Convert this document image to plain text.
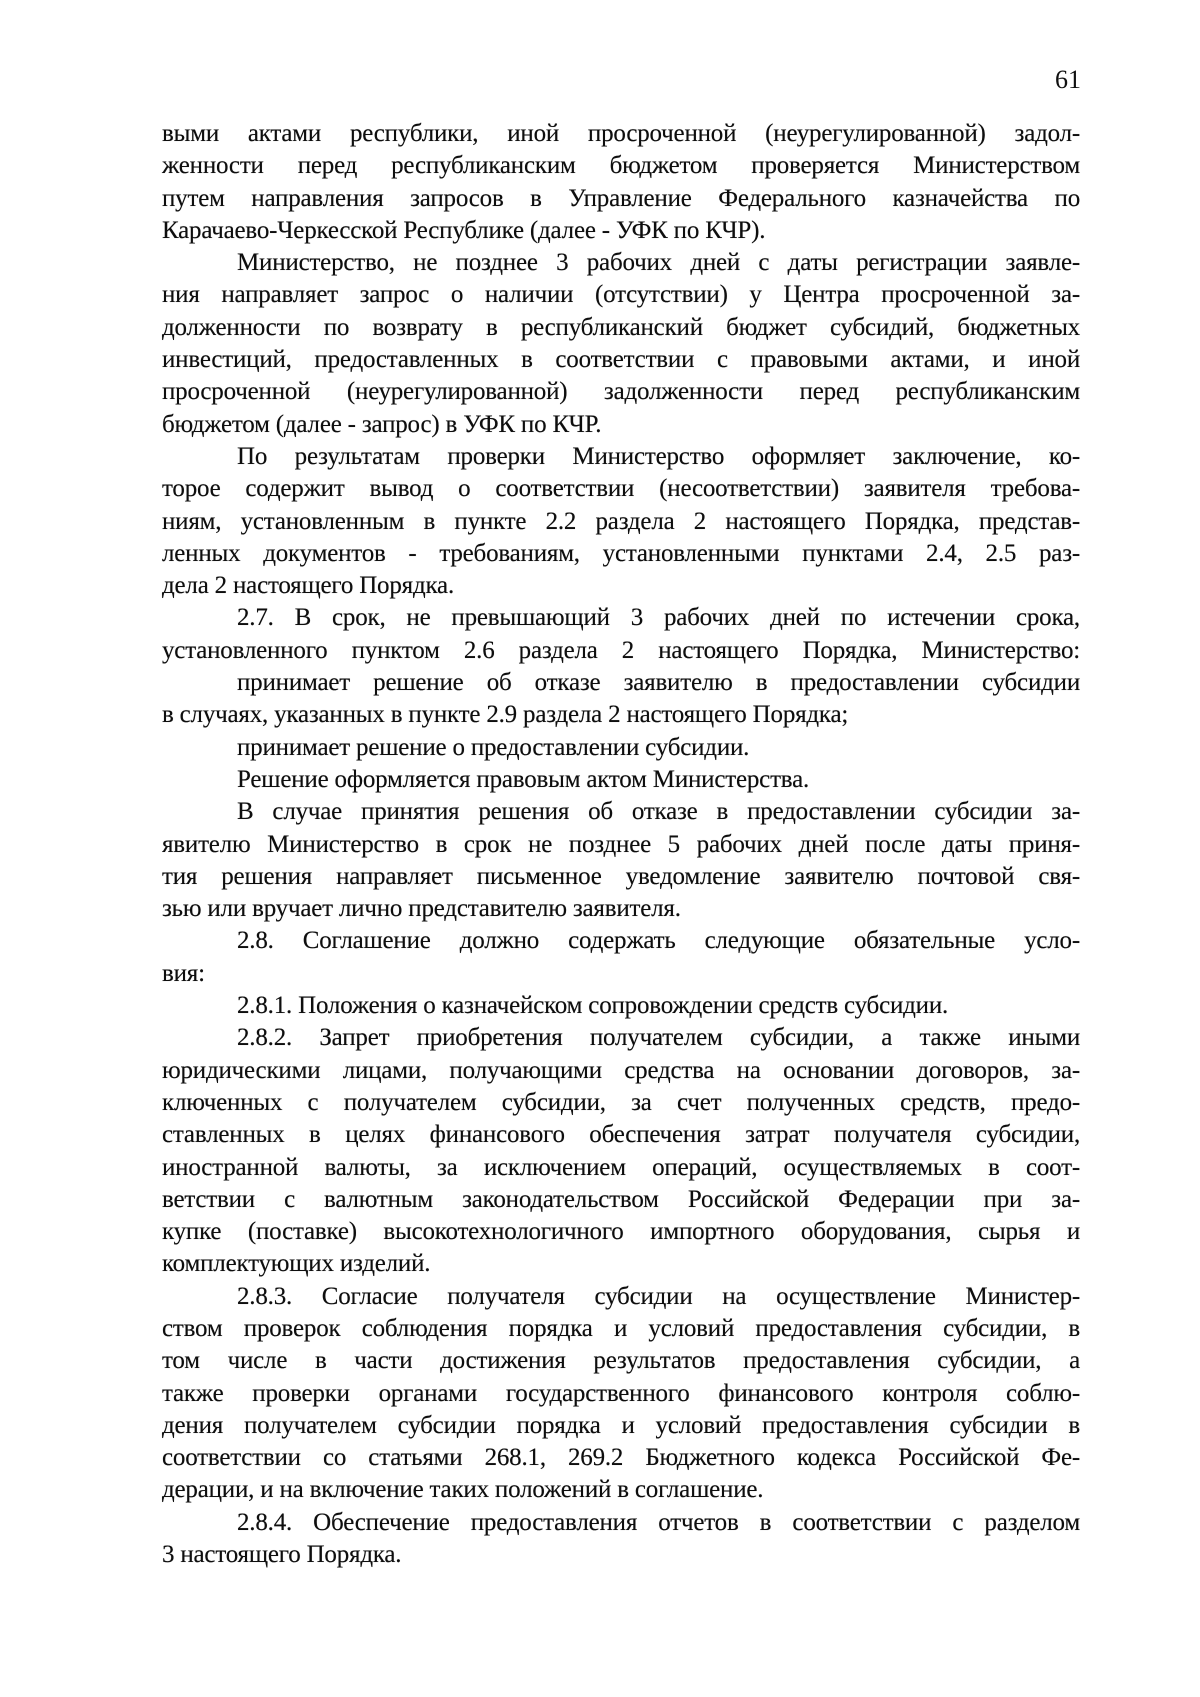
61
выми актами республики, иной просроченной (неурегулированной) задол-
женности перед республиканским бюджетом проверяется Министерством
путем направления запросов в Управление Федерального казначейства по
Карачаево-Черкесской Республике (далее - УФК по КЧР).
Министерство, не позднее 3 рабочих дней с даты регистрации заявле-
ния направляет запрос о наличии (отсутствии) у Центра просроченной за-
долженности по возврату в республиканский бюджет субсидий, бюджетных
инвестиций, предоставленных в соответствии с правовыми актами, и иной
просроченной (неурегулированной) задолженности перед республиканским
бюджетом (далее - запрос) в УФК по КЧР.
По результатам проверки Министерство оформляет заключение, ко-
торое содержит вывод о соответствии (несоответствии) заявителя требова-
ниям, установленным в пункте 2.2 раздела 2 настоящего Порядка, представ-
ленных документов - требованиям, установленными пунктами 2.4, 2.5 раз-
дела 2 настоящего Порядка.
2.7. В срок, не превышающий 3 рабочих дней по истечении срока,
установленного пунктом 2.6 раздела 2 настоящего Порядка, Министерство:
принимает решение об отказе заявителю в предоставлении субсидии
в случаях, указанных в пункте 2.9 раздела 2 настоящего Порядка;
принимает решение о предоставлении субсидии.
Решение оформляется правовым актом Министерства.
В случае принятия решения об отказе в предоставлении субсидии за-
явителю Министерство в срок не позднее 5 рабочих дней после даты приня-
тия решения направляет письменное уведомление заявителю почтовой свя-
зью или вручает лично представителю заявителя.
2.8. Соглашение должно содержать следующие обязательные усло-
вия:
2.8.1. Положения о казначейском сопровождении средств субсидии.
2.8.2. Запрет приобретения получателем субсидии, а также иными
юридическими лицами, получающими средства на основании договоров, за-
ключенных с получателем субсидии, за счет полученных средств, предо-
ставленных в целях финансового обеспечения затрат получателя субсидии,
иностранной валюты, за исключением операций, осуществляемых в соот-
ветствии с валютным законодательством Российской Федерации при за-
купке (поставке) высокотехнологичного импортного оборудования, сырья и
комплектующих изделий.
2.8.3. Согласие получателя субсидии на осуществление Министер-
ством проверок соблюдения порядка и условий предоставления субсидии, в
том числе в части достижения результатов предоставления субсидии, а
также проверки органами государственного финансового контроля соблю-
дения получателем субсидии порядка и условий предоставления субсидии в
соответствии со статьями 268.1, 269.2 Бюджетного кодекса Российской Фе-
дерации, и на включение таких положений в соглашение.
2.8.4. Обеспечение предоставления отчетов в соответствии с разделом
3 настоящего Порядка.
